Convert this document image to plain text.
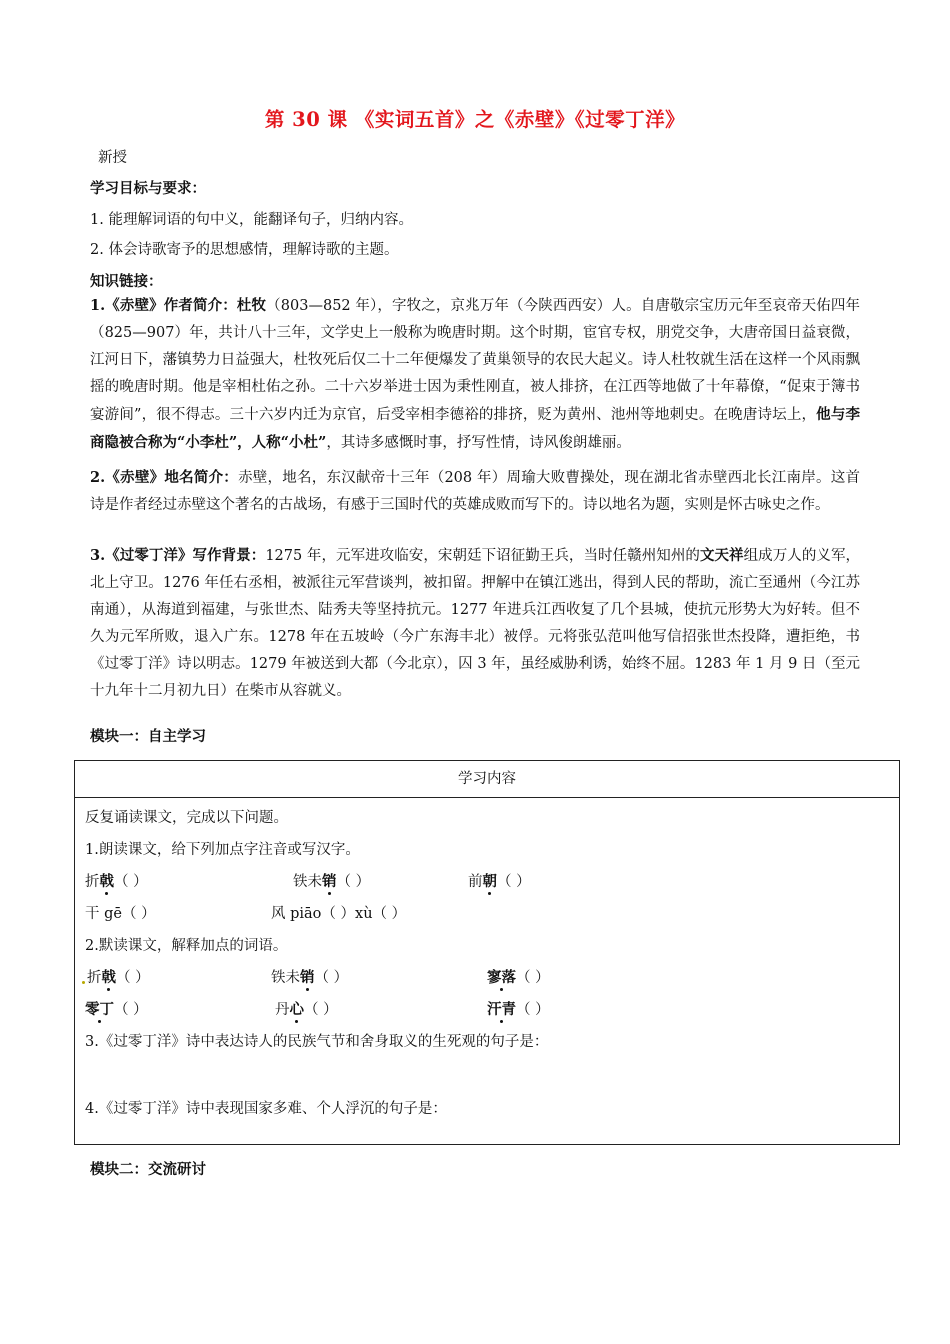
第 30 课 《实词五首》之《赤壁》《过零丁洋》
新授
学习目标与要求：
1. 能理解词语的句中义，能翻译句子，归纳内容。
2. 体会诗歌寄予的思想感情，理解诗歌的主题。
知识链接：

1.《赤壁》作者简介：杜牧（803—852 年），字牧之，京兆万年（今陕西西安）人。自唐敬宗宝历元年至哀帝天佑四年（825—907）年，共计八十三年，文学史上一般称为晚唐时期。这个时期，宦官专权，朋党交争，大唐帝国日益衰微，江河日下，藩镇势力日益强大，杜牧死后仅二十二年便爆发了黄巢领导的农民大起义。诗人杜牧就生活在这样一个风雨飘摇的晚唐时期。他是宰相杜佑之孙。二十六岁举进士因为秉性刚直，被人排挤，在江西等地做了十年幕僚，“促束于簿书宴游间”，很不得志。三十六岁内迁为京官，后受宰相李德裕的排挤，贬为黄州、池州等地刺史。在晚唐诗坛上，他与李商隐被合称为“小李杜”，人称“小杜”，其诗多感慨时事，抒写性情，诗风俊朗雄丽。

2.《赤壁》地名简介：赤壁，地名，东汉献帝十三年（208 年）周瑜大败曹操处，现在湖北省赤壁西北长江南岸。这首诗是作者经过赤壁这个著名的古战场，有感于三国时代的英雄成败而写下的。诗以地名为题，实则是怀古咏史之作。

3.《过零丁洋》写作背景：1275 年，元军进攻临安，宋朝廷下诏征勤王兵，当时任赣州知州的文天祥组成万人的义军，北上守卫。1276 年任右丞相，被派往元军营谈判，被扣留。押解中在镇江逃出，得到人民的帮助，流亡至通州（今江苏南通），从海道到福建，与张世杰、陆秀夫等坚持抗元。1277 年进兵江西收复了几个县城，使抗元形势大为好转。但不久为元军所败，退入广东。1278 年在五坡岭（今广东海丰北）被俘。元将张弘范叫他写信招张世杰投降，遭拒绝，书《过零丁洋》诗以明志。1279 年被送到大都（今北京），囚 3 年，虽经威胁利诱，始终不屈。1283 年 1 月 9 日（至元十九年十二月初九日）在柴市从容就义。

模块一：自主学习
学习内容
反复诵读课文，完成以下问题。
1.朗读课文，给下列加点字注音或写汉字。
折戟（ ）	铁未销（ ）	前朝（ ）
干 gē（ ）	风 piāo（ ）xù（ ）
2.默读课文，解释加点的词语。
折戟（ ）	铁未销（ ）	寥落（ ）
零丁（ ）	丹心（ ）	汗青（ ）
3.《过零丁洋》诗中表达诗人的民族气节和舍身取义的生死观的句子是：
4.《过零丁洋》诗中表现国家多难、个人浮沉的句子是：
模块二：交流研讨
